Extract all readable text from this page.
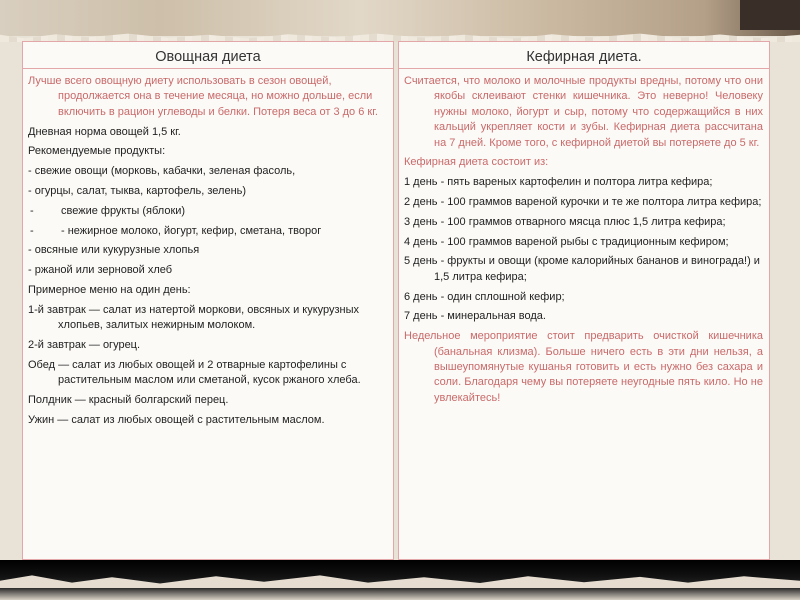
Овощная диета

Лучше всего овощную диету использовать в сезон овощей, продолжается она в течение месяца, но можно дольше, если включить в рацион углеводы и белки. Потеря веса от 3 до 6 кг.

Дневная норма овощей 1,5 кг.

Рекомендуемые продукты:

- свежие овощи (морковь, кабачки, зеленая фасоль,

- огурцы, салат, тыква, картофель, зелень)

- свежие фрукты (яблоки)

- - нежирное молоко, йогурт, кефир, сметана, творог

- овсяные или кукурузные хлопья

- ржаной или зерновой хлеб

Примерное меню на один день:

1-й завтрак — салат из натертой моркови, овсяных и кукурузных хлопьев, залитых нежирным молоком.

2-й завтрак — огурец.

Обед — салат из любых овощей и 2 отварные картофелины с растительным маслом или сметаной, кусок ржаного хлеба.

Полдник — красный болгарский перец.

Ужин — салат из любых овощей с растительным маслом.

Кефирная диета.

Считается, что молоко и молочные продукты вредны, потому что они якобы склеивают стенки кишечника. Это неверно! Человеку нужны молоко, йогурт и сыр, потому что содержащийся в них кальций укрепляет кости и зубы. Кефирная диета рассчитана на 7 дней. Кроме того, с кефирной диетой вы потеряете до 5 кг.

Кефирная диета состоит из:

1 день - пять вареных картофелин и полтора литра кефира;

2 день - 100 граммов вареной курочки и те же полтора литра кефира;

3 день - 100 граммов отварного мясца плюс 1,5 литра кефира;

4 день - 100 граммов вареной рыбы с традиционным кефиром;

5 день - фрукты и овощи (кроме калорийных бананов и винограда!) и 1,5 литра кефира;

6 день - один сплошной кефир;

7 день - минеральная вода.

Недельное мероприятие стоит предварить очисткой кишечника (банальная клизма). Больше ничего есть в эти дни нельзя, а вышеупомянутые кушанья готовить и есть нужно без сахара и соли. Благодаря чему вы потеряете неугодные пять кило. Но не увлекайтесь!
